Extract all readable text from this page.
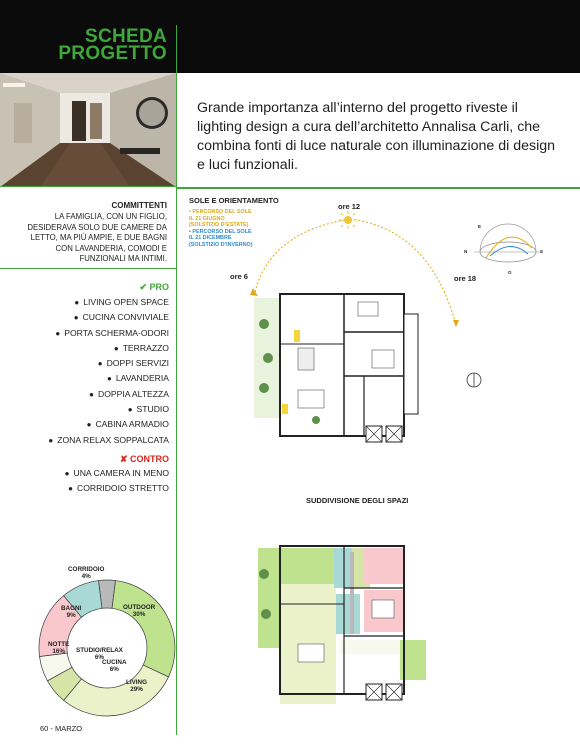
SCHEDA
PROGETTO
Grande importanza all’interno del progetto riveste il lighting design a cura dell’architetto Annalisa Carli, che combina fonti di luce naturale con illuminazione di design e luci funzionali.
COMMITTENTI
LA FAMIGLIA, CON UN FIGLIO, DESIDERAVA SOLO DUE CAMERE DA LETTO, MA PIÙ AMPIE, E DUE BAGNI CON LAVANDERIA, COMODI E FUNZIONALI MA INTIMI.
✔ PRO
● LIVING OPEN SPACE
● CUCINA CONVIVIALE
● PORTA SCHERMA-ODORI
● TERRAZZO
● DOPPI SERVIZI
● LAVANDERIA
● DOPPIA ALTEZZA
● STUDIO
● CABINA ARMADIO
● ZONA RELAX SOPPALCATA
✘ CONTRO
● UNA CAMERA IN MENO
● CORRIDOIO STRETTO
SOLE E ORIENTAMENTO
• PERCORSO DEL SOLE
IL 21 GIUGNO
(SOLSTIZIO D’ESTATE)
• PERCORSO DEL SOLE
IL 21 DICEMBRE
(SOLSTIZIO D’INVERNO)
ore 12
ore 6	ore 18
E
N	S
O
SUDDIVISIONE DEGLI SPAZI
CORRIDOIO
4%
OUTDOOR
30%
LIVING
29%
CUCINA
6%
STUDIO/RELAX
6%
NOTTE
16%
BAGNI
9%
60 - MARZO
